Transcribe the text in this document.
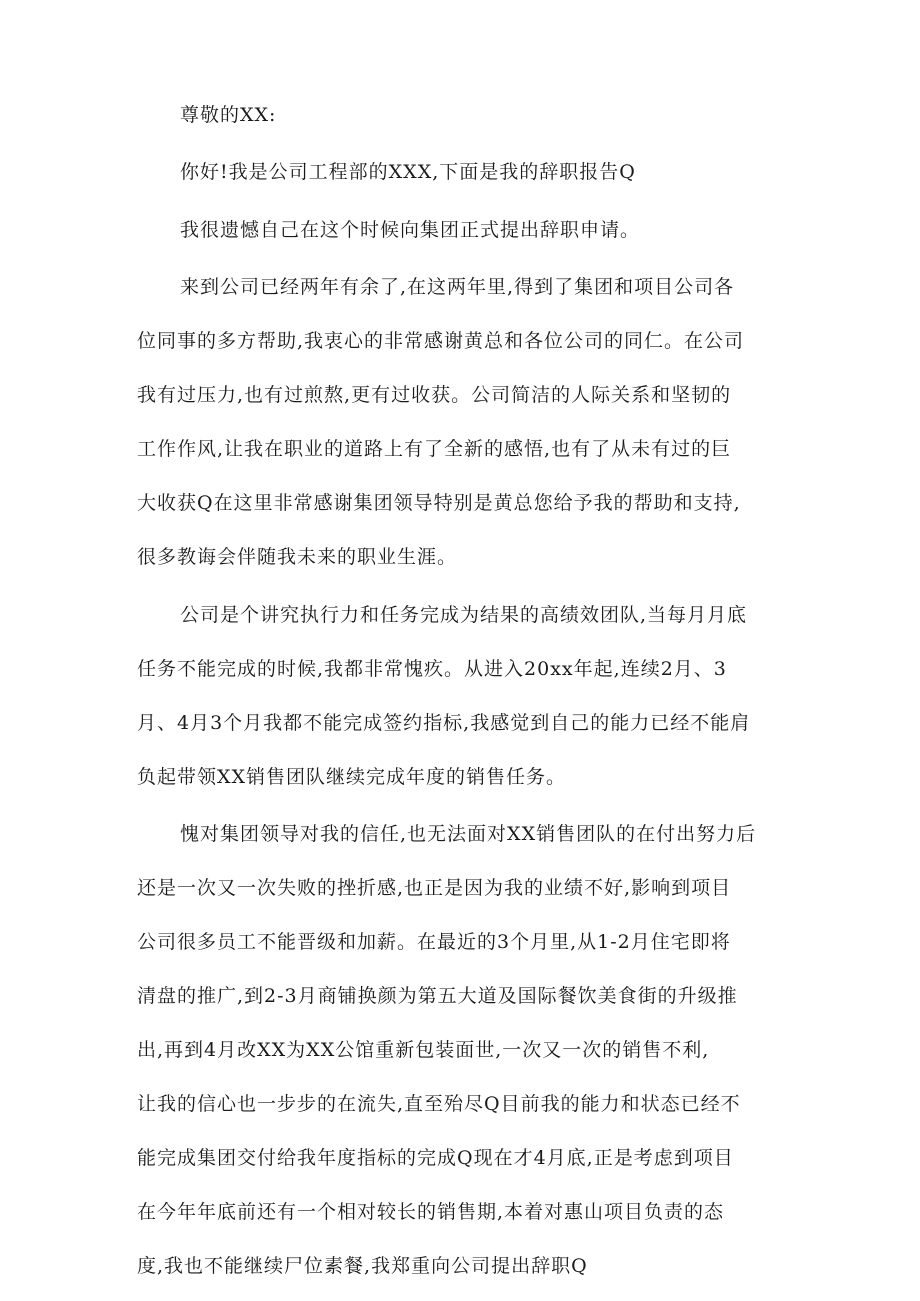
尊敬的XX:
你好!我是公司工程部的XXX,下面是我的辞职报告Q
我很遗憾自己在这个时候向集团正式提出辞职申请。
来到公司已经两年有余了,在这两年里,得到了集团和项目公司各
位同事的多方帮助,我衷心的非常感谢黄总和各位公司的同仁。在公司
我有过压力,也有过煎熬,更有过收获。公司简洁的人际关系和坚韧的
工作作风,让我在职业的道路上有了全新的感悟,也有了从未有过的巨
大收获Q在这里非常感谢集团领导特别是黄总您给予我的帮助和支持,
很多教诲会伴随我未来的职业生涯。
公司是个讲究执行力和任务完成为结果的高绩效团队,当每月月底
任务不能完成的时候,我都非常愧疚。从进入20xx年起,连续2月、3
月、4月3个月我都不能完成签约指标,我感觉到自己的能力已经不能肩
负起带领XX销售团队继续完成年度的销售任务。
愧对集团领导对我的信任,也无法面对XX销售团队的在付出努力后
还是一次又一次失败的挫折感,也正是因为我的业绩不好,影响到项目
公司很多员工不能晋级和加薪。在最近的3个月里,从1-2月住宅即将
清盘的推广,到2-3月商铺换颜为第五大道及国际餐饮美食街的升级推
出,再到4月改XX为XX公馆重新包装面世,一次又一次的销售不利,
让我的信心也一步步的在流失,直至殆尽Q目前我的能力和状态已经不
能完成集团交付给我年度指标的完成Q现在才4月底,正是考虑到项目
在今年年底前还有一个相对较长的销售期,本着对惠山项目负责的态
度,我也不能继续尸位素餐,我郑重向公司提出辞职Q
